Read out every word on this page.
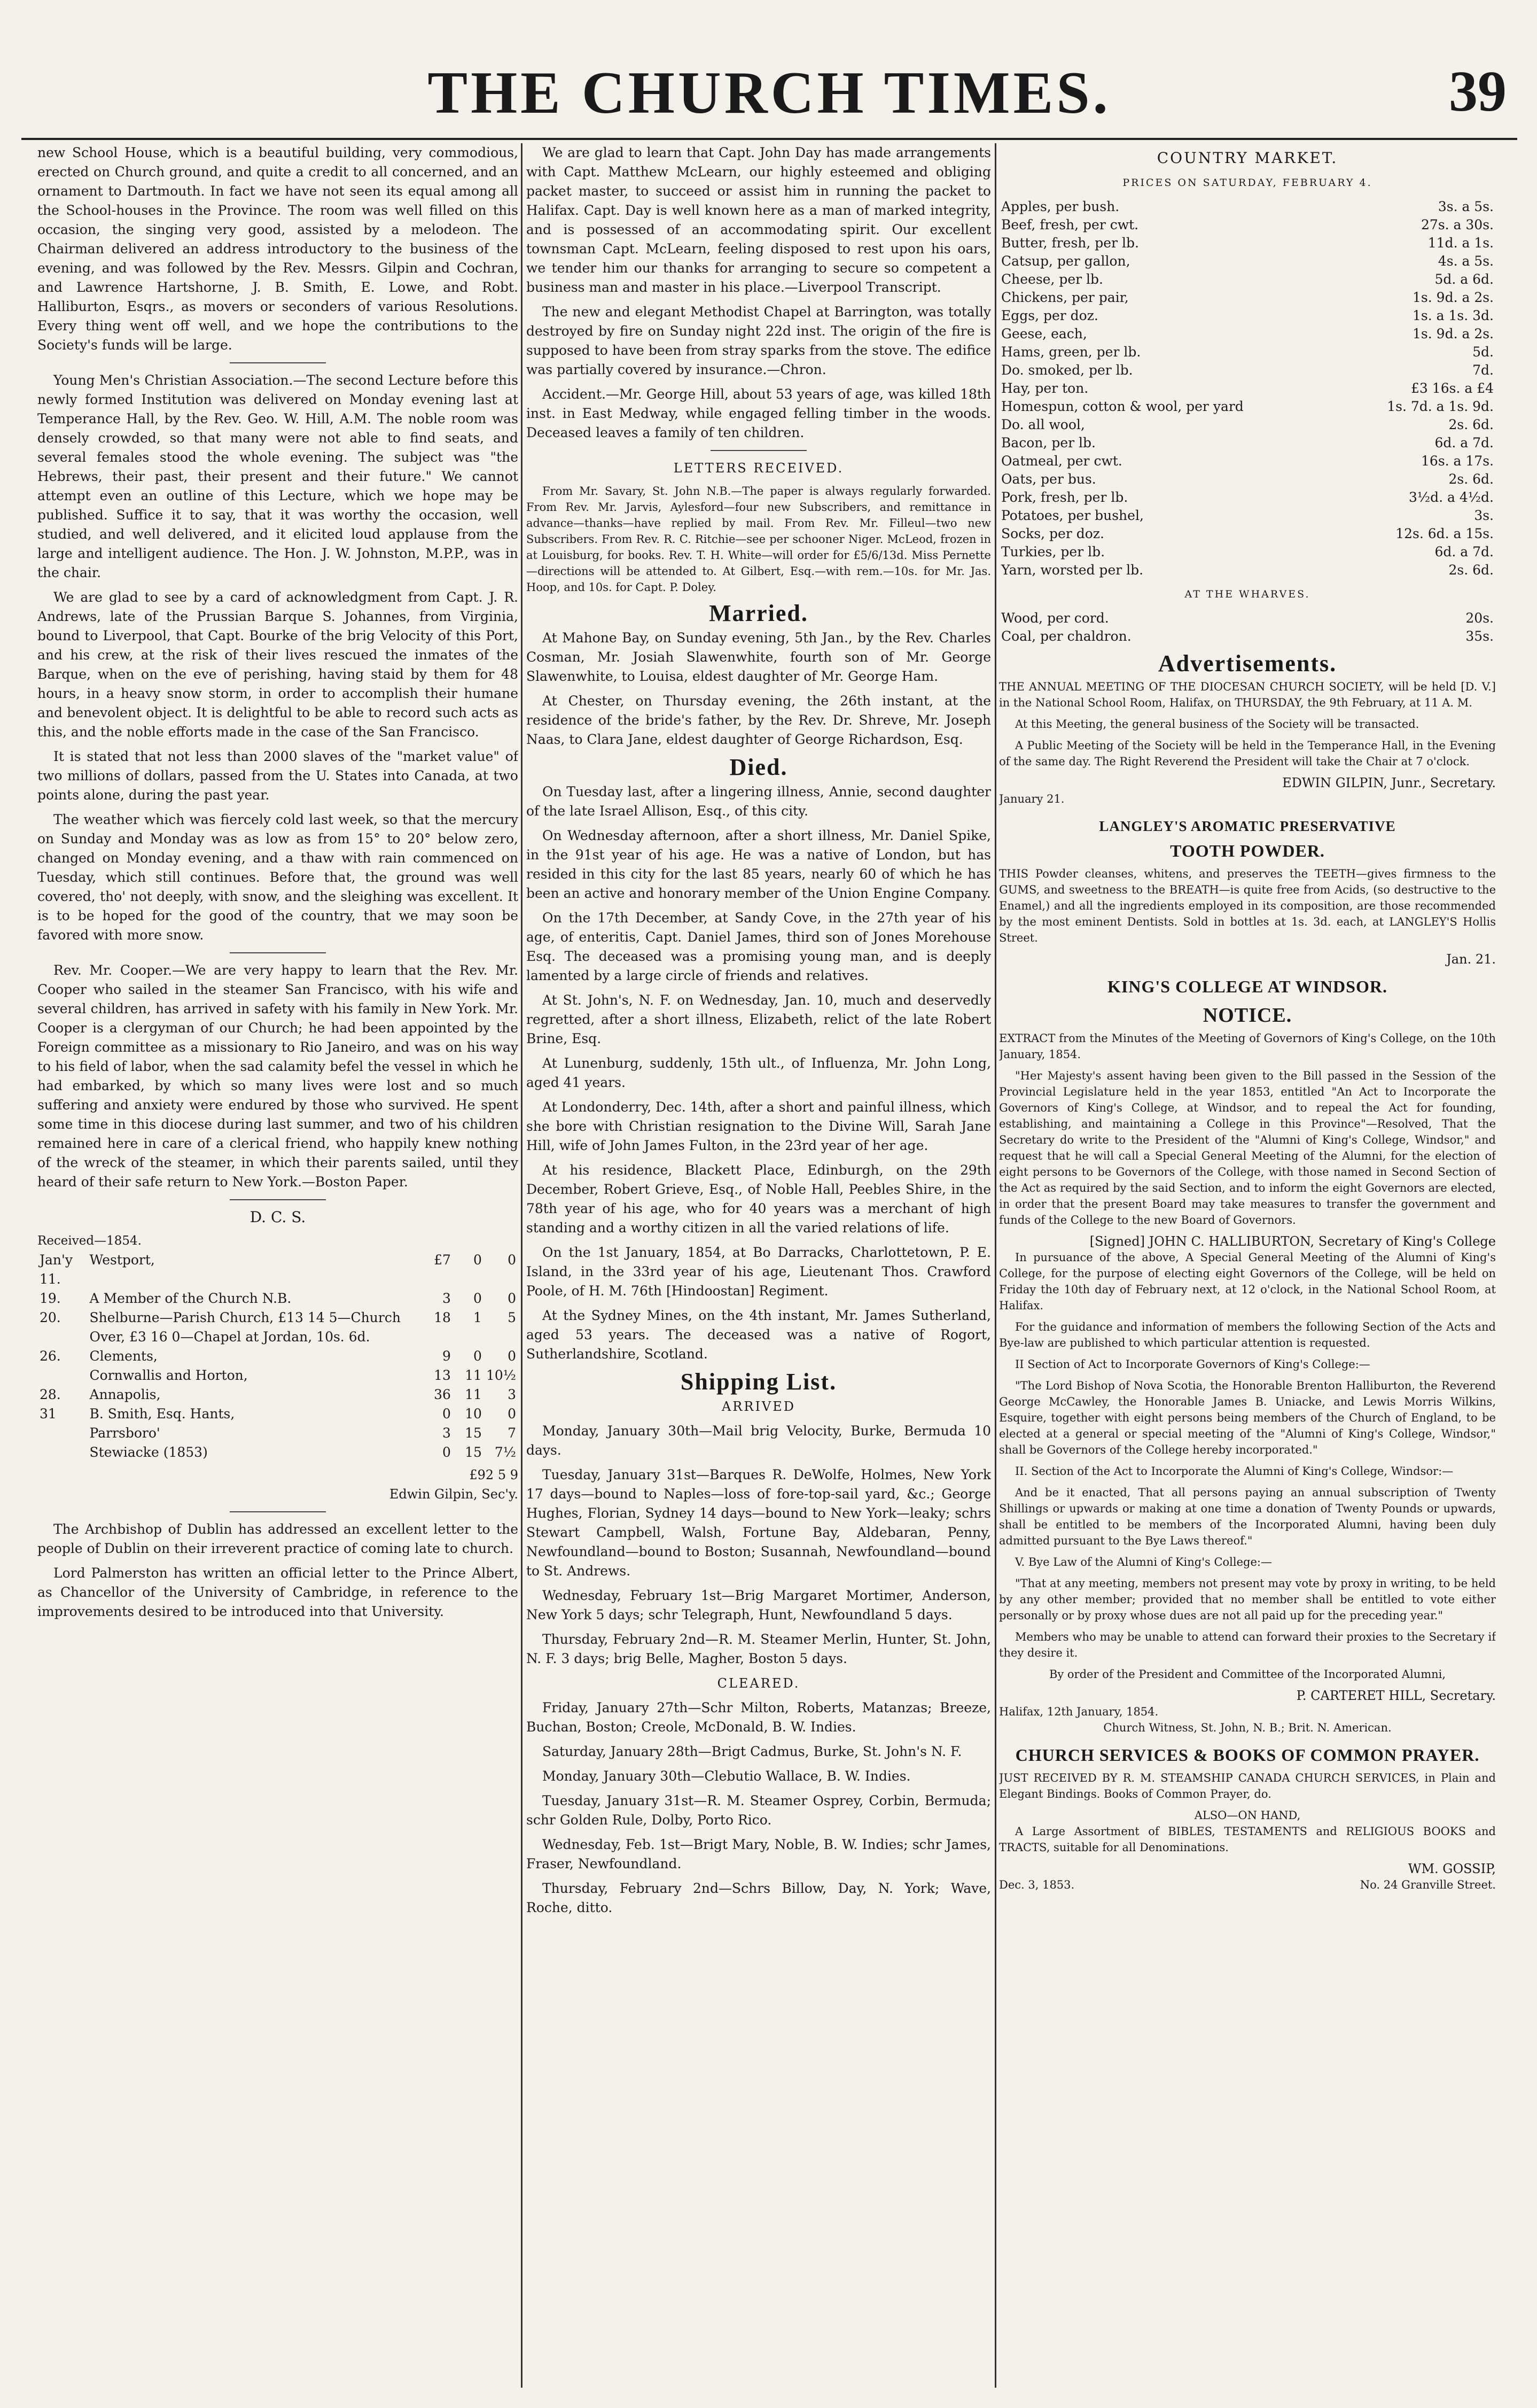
THE CHURCH TIMES.	39

new School House, which is a beautiful building, very commodious, erected on Church ground, and quite a credit to all concerned, and an ornament to Dartmouth. In fact we have not seen its equal among all the School-houses in the Province. The room was well filled on this occasion, the singing very good, assisted by a melodeon. The Chairman delivered an address introductory to the business of the evening, and was followed by the Rev. Messrs. Gilpin and Cochran, and Lawrence Hartshorne, J. B. Smith, E. Lowe, and Robt. Halliburton, Esqrs., as movers or seconders of various Resolutions. Every thing went off well, and we hope the contributions to the Society's funds will be large.

Young Men's Christian Association.—The second Lecture before this newly formed Institution was delivered on Monday evening last at Temperance Hall, by the Rev. Geo. W. Hill, A.M. The noble room was densely crowded, so that many were not able to find seats, and several females stood the whole evening. The subject was "the Hebrews, their past, their present and their future." We cannot attempt even an outline of this Lecture, which we hope may be published. Suffice it to say, that it was worthy the occasion, well studied, and well delivered, and it elicited loud applause from the large and intelligent audience. The Hon. J. W. Johnston, M.P.P., was in the chair.

We are glad to see by a card of acknowledgment from Capt. J. R. Andrews, late of the Prussian Barque S. Johannes, from Virginia, bound to Liverpool, that Capt. Bourke of the brig Velocity of this Port, and his crew, at the risk of their lives rescued the inmates of the Barque, when on the eve of perishing, having staid by them for 48 hours, in a heavy snow storm, in order to accomplish their humane and benevolent object. It is delightful to be able to record such acts as this, and the noble efforts made in the case of the San Francisco.

It is stated that not less than 2000 slaves of the "market value" of two millions of dollars, passed from the U. States into Canada, at two points alone, during the past year.

The weather which was fiercely cold last week, so that the mercury on Sunday and Monday was as low as from 15° to 20° below zero, changed on Monday evening, and a thaw with rain commenced on Tuesday, which still continues. Before that, the ground was well covered, tho' not deeply, with snow, and the sleighing was excellent. It is to be hoped for the good of the country, that we may soon be favored with more snow.

Rev. Mr. Cooper.—We are very happy to learn that the Rev. Mr. Cooper who sailed in the steamer San Francisco, with his wife and several children, has arrived in safety with his family in New York. Mr. Cooper is a clergyman of our Church; he had been appointed by the Foreign committee as a missionary to Rio Janeiro, and was on his way to his field of labor, when the sad calamity befel the vessel in which he had embarked, by which so many lives were lost and so much suffering and anxiety were endured by those who survived. He spent some time in this diocese during last summer, and two of his children remained here in care of a clerical friend, who happily knew nothing of the wreck of the steamer, in which their parents sailed, until they heard of their safe return to New York.—Boston Paper.

D. C. S.
Received—1854.
Jan'y 11.	Westport,	£7	0	0
19.	A Member of the Church N.B.	3	0	0
20.	Shelburne—Parish Church, £13 14 5—Church Over, £3 16 0—Chapel at Jordan, 10s. 6d.	18	1	5
26.	Clements,	9	0	0
	Cornwallis and Horton,	13	11	10½
28.	Annapolis,	36	11	3
31	B. Smith, Esq. Hants,	0	10	0
	Parrsboro'	3	15	7
	Stewiacke (1853)	0	15	7½
£92 5 9
Edwin Gilpin, Sec'y.

The Archbishop of Dublin has addressed an excellent letter to the people of Dublin on their irreverent practice of coming late to church.

Lord Palmerston has written an official letter to the Prince Albert, as Chancellor of the University of Cambridge, in reference to the improvements desired to be introduced into that University.

We are glad to learn that Capt. John Day has made arrangements with Capt. Matthew McLearn, our highly esteemed and obliging packet master, to succeed or assist him in running the packet to Halifax. Capt. Day is well known here as a man of marked integrity, and is possessed of an accommodating spirit. Our excellent townsman Capt. McLearn, feeling disposed to rest upon his oars, we tender him our thanks for arranging to secure so competent a business man and master in his place.—Liverpool Transcript.

The new and elegant Methodist Chapel at Barrington, was totally destroyed by fire on Sunday night 22d inst. The origin of the fire is supposed to have been from stray sparks from the stove. The edifice was partially covered by insurance.—Chron.

Accident.—Mr. George Hill, about 53 years of age, was killed 18th inst. in East Medway, while engaged felling timber in the woods. Deceased leaves a family of ten children.

LETTERS RECEIVED.

From Mr. Savary, St. John N.B.—The paper is always regularly forwarded. From Rev. Mr. Jarvis, Aylesford—four new Subscribers, and remittance in advance—thanks—have replied by mail. From Rev. Mr. Filleul—two new Subscribers. From Rev. R. C. Ritchie—see per schooner Niger. McLeod, frozen in at Louisburg, for books. Rev. T. H. White—will order for £5/6/13d. Miss Pernette—directions will be attended to. At Gilbert, Esq.—with rem.—10s. for Mr. Jas. Hoop, and 10s. for Capt. P. Doley.

Married.

At Mahone Bay, on Sunday evening, 5th Jan., by the Rev. Charles Cosman, Mr. Josiah Slawenwhite, fourth son of Mr. George Slawenwhite, to Louisa, eldest daughter of Mr. George Ham.

At Chester, on Thursday evening, the 26th instant, at the residence of the bride's father, by the Rev. Dr. Shreve, Mr. Joseph Naas, to Clara Jane, eldest daughter of George Richardson, Esq.

Died.

On Tuesday last, after a lingering illness, Annie, second daughter of the late Israel Allison, Esq., of this city.

On Wednesday afternoon, after a short illness, Mr. Daniel Spike, in the 91st year of his age. He was a native of London, but has resided in this city for the last 85 years, nearly 60 of which he has been an active and honorary member of the Union Engine Company.

On the 17th December, at Sandy Cove, in the 27th year of his age, of enteritis, Capt. Daniel James, third son of Jones Morehouse Esq. The deceased was a promising young man, and is deeply lamented by a large circle of friends and relatives.

At St. John's, N. F. on Wednesday, Jan. 10, much and deservedly regretted, after a short illness, Elizabeth, relict of the late Robert Brine, Esq.

At Lunenburg, suddenly, 15th ult., of Influenza, Mr. John Long, aged 41 years.

At Londonderry, Dec. 14th, after a short and painful illness, which she bore with Christian resignation to the Divine Will, Sarah Jane Hill, wife of John James Fulton, in the 23rd year of her age.

At his residence, Blackett Place, Edinburgh, on the 29th December, Robert Grieve, Esq., of Noble Hall, Peebles Shire, in the 78th year of his age, who for 40 years was a merchant of high standing and a worthy citizen in all the varied relations of life.

On the 1st January, 1854, at Bo Darracks, Charlottetown, P. E. Island, in the 33rd year of his age, Lieutenant Thos. Crawford Poole, of H. M. 76th [Hindoostan] Regiment.

At the Sydney Mines, on the 4th instant, Mr. James Sutherland, aged 53 years. The deceased was a native of Rogort, Sutherlandshire, Scotland.

Shipping List.
ARRIVED

Monday, January 30th—Mail brig Velocity, Burke, Bermuda 10 days.

Tuesday, January 31st—Barques R. DeWolfe, Holmes, New York 17 days—bound to Naples—loss of fore-top-sail yard, &c.; George Hughes, Florian, Sydney 14 days—bound to New York—leaky; schrs Stewart Campbell, Walsh, Fortune Bay, Aldebaran, Penny, Newfoundland—bound to Boston; Susannah, Newfoundland—bound to St. Andrews.

Wednesday, February 1st—Brig Margaret Mortimer, Anderson, New York 5 days; schr Telegraph, Hunt, Newfoundland 5 days.

Thursday, February 2nd—R. M. Steamer Merlin, Hunter, St. John, N. F. 3 days; brig Belle, Magher, Boston 5 days.

CLEARED.

Friday, January 27th—Schr Milton, Roberts, Matanzas; Breeze, Buchan, Boston; Creole, McDonald, B. W. Indies.

Saturday, January 28th—Brigt Cadmus, Burke, St. John's N. F.

Monday, January 30th—Clebutio Wallace, B. W. Indies.

Tuesday, January 31st—R. M. Steamer Osprey, Corbin, Bermuda; schr Golden Rule, Dolby, Porto Rico.

Wednesday, Feb. 1st—Brigt Mary, Noble, B. W. Indies; schr James, Fraser, Newfoundland.

Thursday, February 2nd—Schrs Billow, Day, N. York; Wave, Roche, ditto.

COUNTRY MARKET.
PRICES ON SATURDAY, FEBRUARY 4.
Apples, per bush.	3s. a 5s.
Beef, fresh, per cwt.	27s. a 30s.
Butter, fresh, per lb.	11d. a 1s.
Catsup, per gallon,	4s. a 5s.
Cheese, per lb.	5d. a 6d.
Chickens, per pair,	1s. 9d. a 2s.
Eggs, per doz.	1s. a 1s. 3d.
Geese, each,	1s. 9d. a 2s.
Hams, green, per lb.	5d.
Do. smoked, per lb.	7d.
Hay, per ton.	£3 16s. a £4
Homespun, cotton & wool, per yard	1s. 7d. a 1s. 9d.
Do. all wool,	2s. 6d.
Bacon, per lb.	6d. a 7d.
Oatmeal, per cwt.	16s. a 17s.
Oats, per bus.	2s. 6d.
Pork, fresh, per lb.	3½d. a 4½d.
Potatoes, per bushel,	3s.
Socks, per doz.	12s. 6d. a 15s.
Turkies, per lb.	6d. a 7d.
Yarn, worsted per lb.	2s. 6d.
AT THE WHARVES.
Wood, per cord.	20s.
Coal, per chaldron.	35s.
Advertisements.

THE ANNUAL MEETING OF THE DIOCESAN CHURCH SOCIETY, will be held [D. V.] in the National School Room, Halifax, on THURSDAY, the 9th February, at 11 A. M.

At this Meeting, the general business of the Society will be transacted.

A Public Meeting of the Society will be held in the Temperance Hall, in the Evening of the same day. The Right Reverend the President will take the Chair at 7 o'clock.

EDWIN GILPIN, Junr., Secretary.
January 21.
LANGLEY'S AROMATIC PRESERVATIVE
TOOTH POWDER.

THIS Powder cleanses, whitens, and preserves the TEETH—gives firmness to the GUMS, and sweetness to the BREATH—is quite free from Acids, (so destructive to the Enamel,) and all the ingredients employed in its composition, are those recommended by the most eminent Dentists. Sold in bottles at 1s. 3d. each, at LANGLEY'S Hollis Street.

Jan. 21.
KING'S COLLEGE AT WINDSOR.
NOTICE.

EXTRACT from the Minutes of the Meeting of Governors of King's College, on the 10th January, 1854.

"Her Majesty's assent having been given to the Bill passed in the Session of the Provincial Legislature held in the year 1853, entitled "An Act to Incorporate the Governors of King's College, at Windsor, and to repeal the Act for founding, establishing, and maintaining a College in this Province"—Resolved, That the Secretary do write to the President of the "Alumni of King's College, Windsor," and request that he will call a Special General Meeting of the Alumni, for the election of eight persons to be Governors of the College, with those named in Second Section of the Act as required by the said Section, and to inform the eight Governors are elected, in order that the present Board may take measures to transfer the government and funds of the College to the new Board of Governors.

[Signed] JOHN C. HALLIBURTON, Secretary of King's College

In pursuance of the above, A Special General Meeting of the Alumni of King's College, for the purpose of electing eight Governors of the College, will be held on Friday the 10th day of February next, at 12 o'clock, in the National School Room, at Halifax.

For the guidance and information of members the following Section of the Acts and Bye-law are published to which particular attention is requested.

II Section of Act to Incorporate Governors of King's College:—

"The Lord Bishop of Nova Scotia, the Honorable Brenton Halliburton, the Reverend George McCawley, the Honorable James B. Uniacke, and Lewis Morris Wilkins, Esquire, together with eight persons being members of the Church of England, to be elected at a general or special meeting of the "Alumni of King's College, Windsor," shall be Governors of the College hereby incorporated."

II. Section of the Act to Incorporate the Alumni of King's College, Windsor:—

And be it enacted, That all persons paying an annual subscription of Twenty Shillings or upwards or making at one time a donation of Twenty Pounds or upwards, shall be entitled to be members of the Incorporated Alumni, having been duly admitted pursuant to the Bye Laws thereof."

V. Bye Law of the Alumni of King's College:—

"That at any meeting, members not present may vote by proxy in writing, to be held by any other member; provided that no member shall be entitled to vote either personally or by proxy whose dues are not all paid up for the preceding year."

Members who may be unable to attend can forward their proxies to the Secretary if they desire it.

By order of the President and Committee of the Incorporated Alumni,

P. CARTERET HILL, Secretary.
Halifax, 12th January, 1854.
Church Witness, St. John, N. B.; Brit. N. American.
CHURCH SERVICES & BOOKS OF COMMON PRAYER.

JUST RECEIVED BY R. M. STEAMSHIP CANADA CHURCH SERVICES, in Plain and Elegant Bindings. Books of Common Prayer, do.

ALSO—ON HAND,

A Large Assortment of BIBLES, TESTAMENTS and RELIGIOUS BOOKS and TRACTS, suitable for all Denominations.

WM. GOSSIP,
Dec. 3, 1853.	No. 24 Granville Street.
